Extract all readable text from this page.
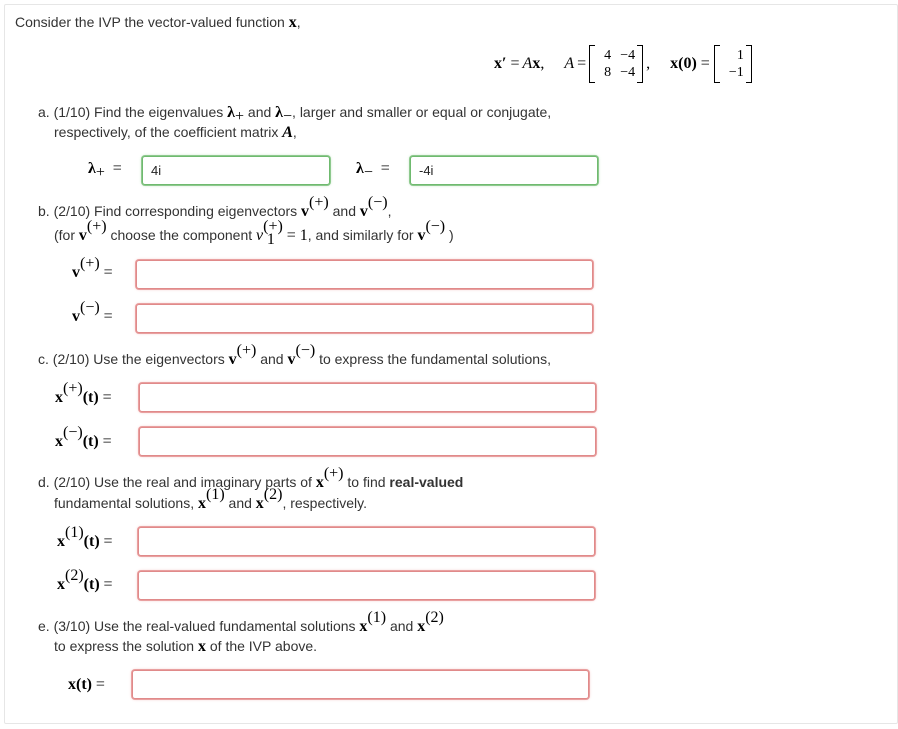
Consider the IVP the vector-valued function x,
x′ = A x , A =	4 −4
8 −4 , x(0) =	1
−1
a. (1/10) Find the eigenvalues $\lambda_+$ and $\lambda_-$, larger and smaller or equal or conjugate,
respectively, of the coefficient matrix A,
$\lambda_+$ =
4i	$\lambda_-$ =
-4i
b. (2/10) Find corresponding eigenvectors v(+) and v(−),
(for v(+) choose the component $v^{(+)}_1 = 1$, and similarly for v(−) )
v(+) =
v(−) =
c. (2/10) Use the eigenvectors v(+) and v(−) to express the fundamental solutions,
x(+)(t) =
x(−)(t) =
d. (2/10) Use the real and imaginary parts of x(+) to find real-valued
fundamental solutions, $x^{(1)}$ and $x^{(2)}$, respectively.
$x^{(1)}(t)$ =
$x^{(2)}(t)$ =
e. (3/10) Use the real-valued fundamental solutions $x^{(1)}$ and $x^{(2)}$
to express the solution x of the IVP above.
x(t) =
